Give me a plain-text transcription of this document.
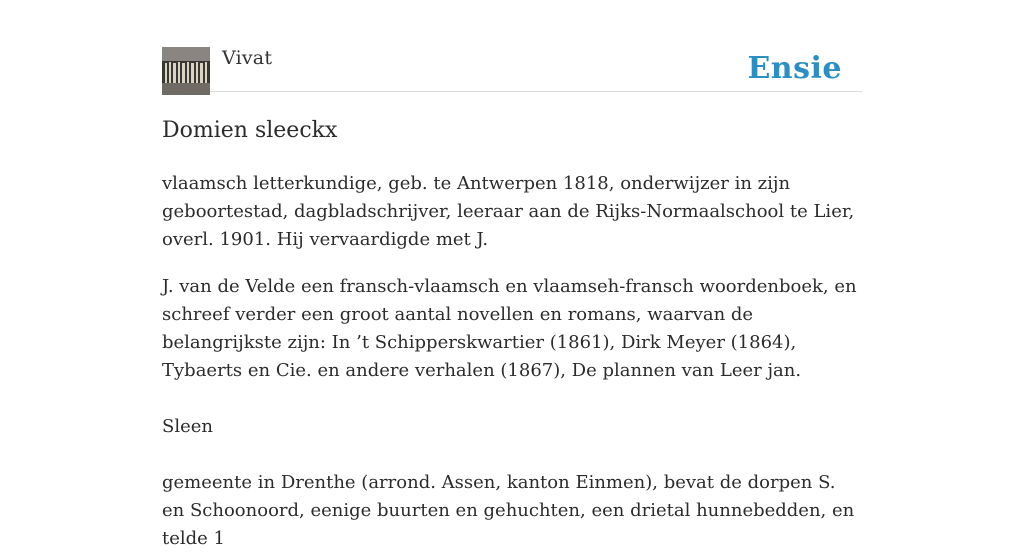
Vivat	Ensie
Domien sleeckx

vlaamsch letterkundige, geb. te Antwerpen 1818, onderwijzer in zijn geboortestad, dagbladschrijver, leeraar aan de Rijks-Normaalschool te Lier, overl. 1901. Hij vervaardigde met J.

J. van de Velde een fransch-vlaamsch en vlaamseh-fransch woordenboek, en schreef verder een groot aantal novellen en romans, waarvan de belangrijkste zijn: In ’t Schipperskwartier (1861), Dirk Meyer (1864), Tybaerts en Cie. en andere verhalen (1867), De plannen van Leer jan.

Sleen

gemeente in Drenthe (arrond. Assen, kanton Einmen), bevat de dorpen S. en Schoonoord, eenige buurten en gehuchten, een drietal hunnebedden, en telde 1
